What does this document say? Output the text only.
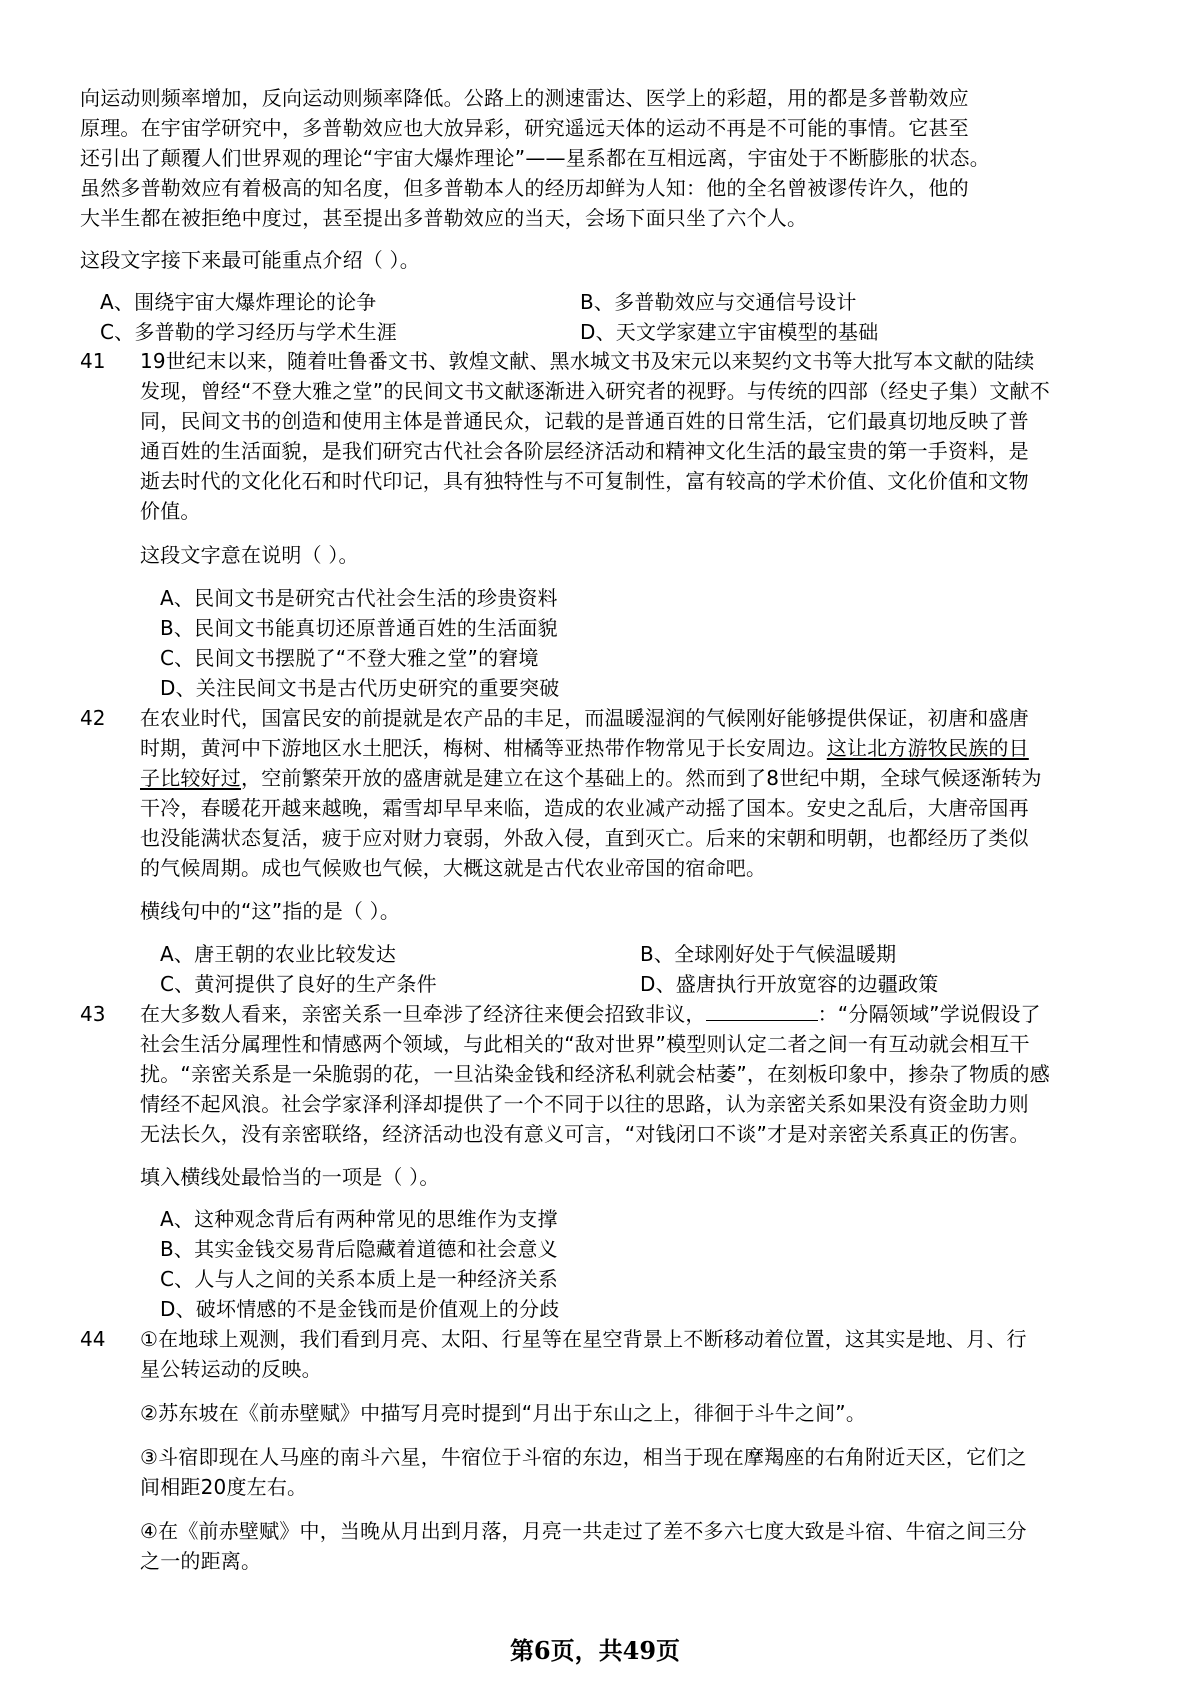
向运动则频率增加，反向运动则频率降低。公路上的测速雷达、医学上的彩超，用的都是多普勒效应
原理。在宇宙学研究中，多普勒效应也大放异彩，研究遥远天体的运动不再是不可能的事情。它甚至
还引出了颠覆人们世界观的理论“宇宙大爆炸理论”——星系都在互相远离，宇宙处于不断膨胀的状态。
虽然多普勒效应有着极高的知名度，但多普勒本人的经历却鲜为人知：他的全名曾被谬传许久，他的
大半生都在被拒绝中度过，甚至提出多普勒效应的当天，会场下面只坐了六个人。
这段文字接下来最可能重点介绍（ ）。
A、围绕宇宙大爆炸理论的论争	B、多普勒效应与交通信号设计
C、多普勒的学习经历与学术生涯	D、天文学家建立宇宙模型的基础
41 19世纪末以来，随着吐鲁番文书、敦煌文献、黑水城文书及宋元以来契约文书等大批写本文献的陆续
发现，曾经“不登大雅之堂”的民间文书文献逐渐进入研究者的视野。与传统的四部（经史子集）文献不
同，民间文书的创造和使用主体是普通民众，记载的是普通百姓的日常生活，它们最真切地反映了普
通百姓的生活面貌，是我们研究古代社会各阶层经济活动和精神文化生活的最宝贵的第一手资料，是
逝去时代的文化化石和时代印记，具有独特性与不可复制性，富有较高的学术价值、文化价值和文物
价值。
这段文字意在说明（ ）。
A、民间文书是研究古代社会生活的珍贵资料
B、民间文书能真切还原普通百姓的生活面貌
C、民间文书摆脱了“不登大雅之堂”的窘境
D、关注民间文书是古代历史研究的重要突破
42 在农业时代，国富民安的前提就是农产品的丰足，而温暖湿润的气候刚好能够提供保证，初唐和盛唐
时期，黄河中下游地区水土肥沃，梅树、柑橘等亚热带作物常见于长安周边。这让北方游牧民族的日
子比较好过，空前繁荣开放的盛唐就是建立在这个基础上的。然而到了8世纪中期，全球气候逐渐转为
干冷，春暖花开越来越晚，霜雪却早早来临，造成的农业减产动摇了国本。安史之乱后，大唐帝国再
也没能满状态复活，疲于应对财力衰弱，外敌入侵，直到灭亡。后来的宋朝和明朝，也都经历了类似
的气候周期。成也气候败也气候，大概这就是古代农业帝国的宿命吧。
横线句中的“这”指的是（ ）。
A、唐王朝的农业比较发达	B、全球刚好处于气候温暖期
C、黄河提供了良好的生产条件	D、盛唐执行开放宽容的边疆政策
43 在大多数人看来，亲密关系一旦牵涉了经济往来便会招致非议，	：“分隔领域”学说假设了
社会生活分属理性和情感两个领域，与此相关的“敌对世界”模型则认定二者之间一有互动就会相互干
扰。“亲密关系是一朵脆弱的花，一旦沾染金钱和经济私利就会枯萎”，在刻板印象中，掺杂了物质的感
情经不起风浪。社会学家泽利泽却提供了一个不同于以往的思路，认为亲密关系如果没有资金助力则
无法长久，没有亲密联络，经济活动也没有意义可言，“对钱闭口不谈”才是对亲密关系真正的伤害。
填入横线处最恰当的一项是（ ）。
A、这种观念背后有两种常见的思维作为支撑
B、其实金钱交易背后隐藏着道德和社会意义
C、人与人之间的关系本质上是一种经济关系
D、破坏情感的不是金钱而是价值观上的分歧
44 ①在地球上观测，我们看到月亮、太阳、行星等在星空背景上不断移动着位置，这其实是地、月、行
星公转运动的反映。
②苏东坡在《前赤壁赋》中描写月亮时提到“月出于东山之上，徘徊于斗牛之间”。
③斗宿即现在人马座的南斗六星，牛宿位于斗宿的东边，相当于现在摩羯座的右角附近天区，它们之
间相距20度左右。
④在《前赤壁赋》中，当晚从月出到月落，月亮一共走过了差不多六七度大致是斗宿、牛宿之间三分
之一的距离。
第6页，共49页
